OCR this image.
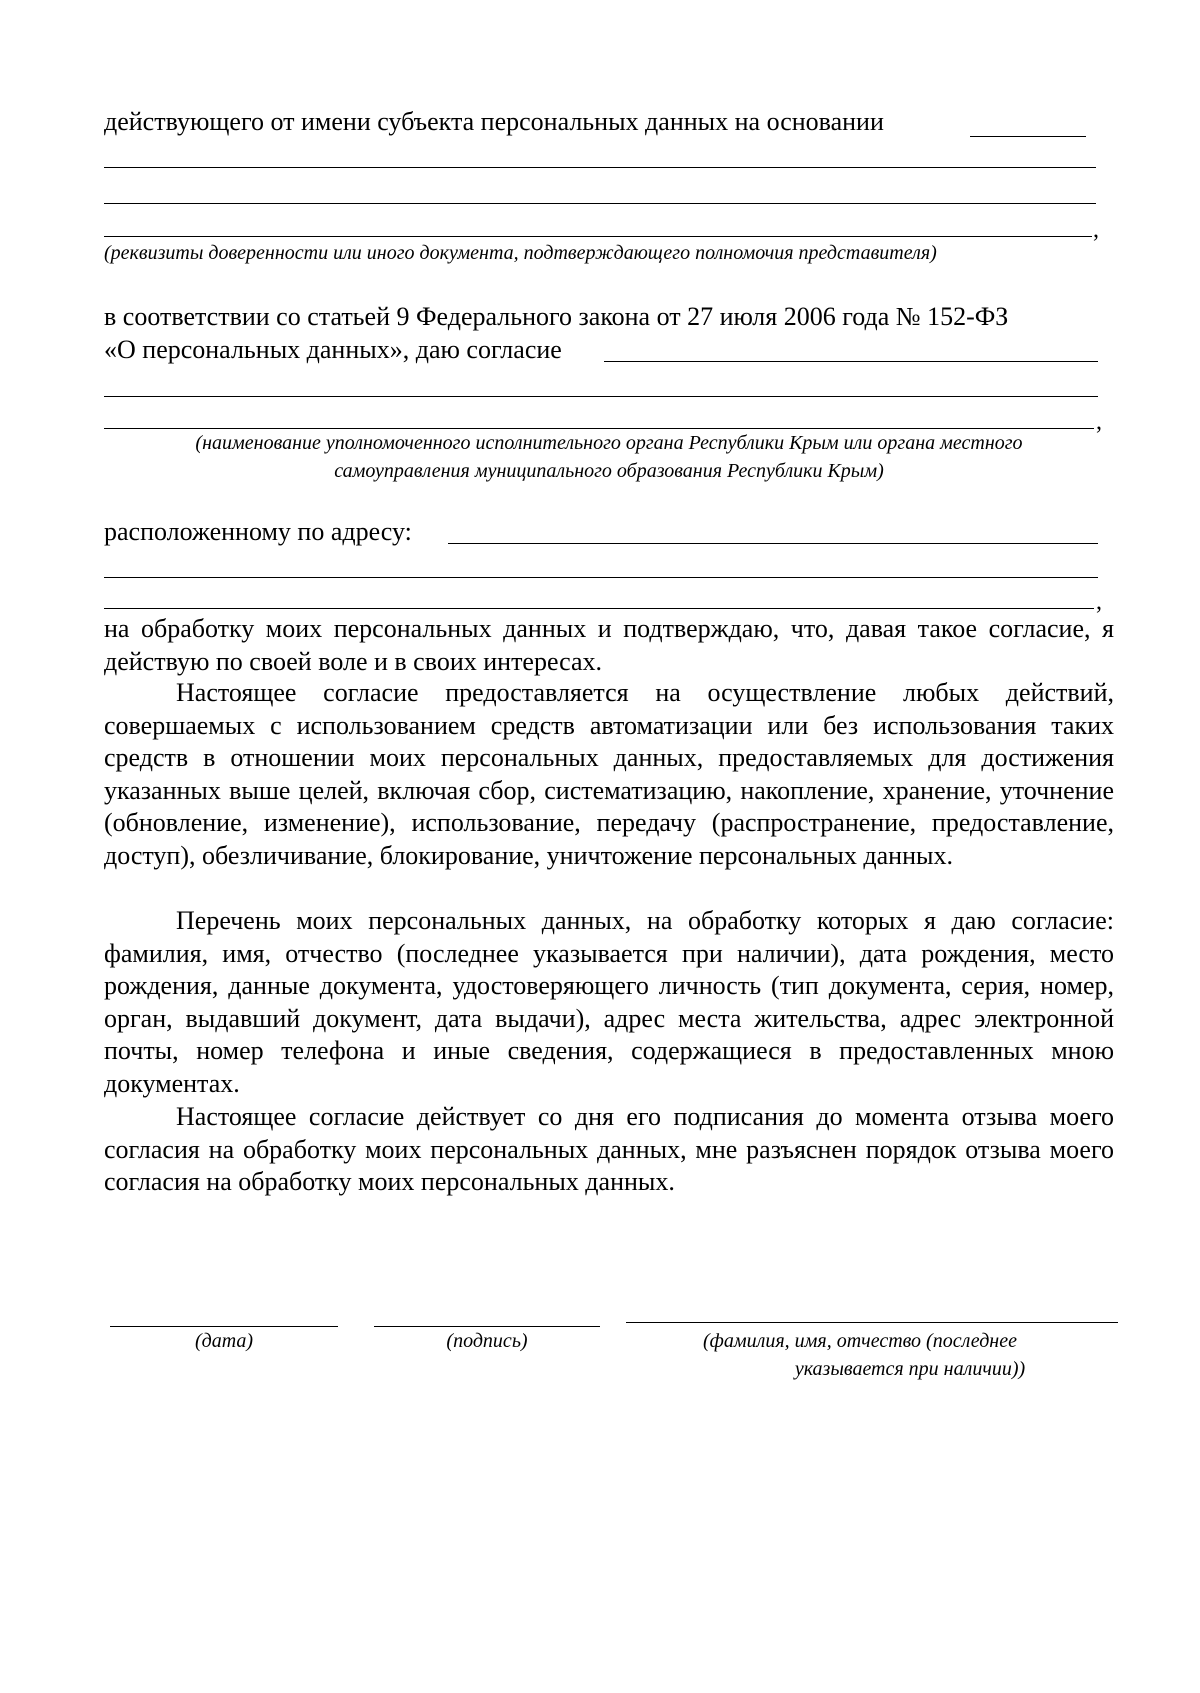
действующего от имени субъекта персональных данных на основании
,
(реквизиты доверенности или иного документа, подтверждающего полномочия представителя)
в соответствии со статьей 9 Федерального закона от 27 июля 2006 года № 152-ФЗ
«О персональных данных», даю согласие
,
(наименование уполномоченного исполнительного органа Республики Крым или органа местного
самоуправления муниципального образования Республики Крым)
расположенному по адресу:
,
на обработку моих персональных данных и подтверждаю, что, давая такое согласие, я действую по своей воле и в своих интересах.
Настоящее согласие предоставляется на осуществление любых действий, совершаемых с использованием средств автоматизации или без использования таких средств в отношении моих персональных данных, предоставляемых для достижения указанных выше целей, включая сбор, систематизацию, накопление, хранение, уточнение (обновление, изменение), использование, передачу (распространение, предоставление, доступ), обезличивание, блокирование, уничтожение персональных данных.
Перечень моих персональных данных, на обработку которых я даю согласие: фамилия, имя, отчество (последнее указывается при наличии), дата рождения, место рождения, данные документа, удостоверяющего личность (тип документа, серия, номер, орган, выдавший документ, дата выдачи), адрес места жительства, адрес электронной почты, номер телефона и иные сведения, содержащиеся в предоставленных мною документах.
Настоящее согласие действует со дня его подписания до момента отзыва моего согласия на обработку моих персональных данных, мне разъяснен порядок отзыва моего согласия на обработку моих персональных данных.
(дата)	(подпись)	(фамилия, имя, отчество (последнее
указывается при наличии))
